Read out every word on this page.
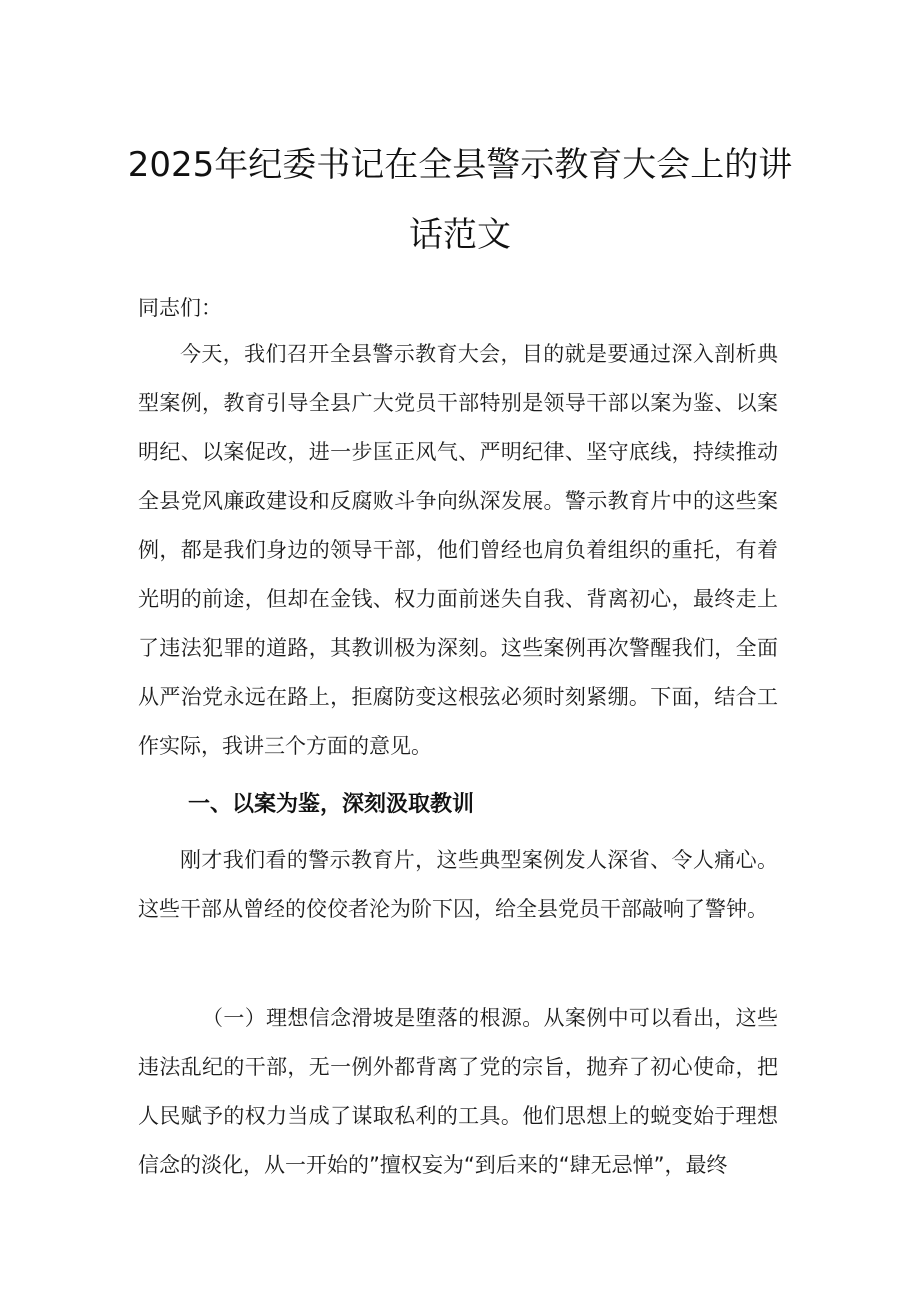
2025年纪委书记在全县警示教育大会上的讲
话范文

同志们：

今天，我们召开全县警示教育大会，目的就是要通过深入剖析典型案例，教育引导全县广大党员干部特别是领导干部以案为鉴、以案明纪、以案促改，进一步匡正风气、严明纪律、坚守底线，持续推动全县党风廉政建设和反腐败斗争向纵深发展。警示教育片中的这些案例，都是我们身边的领导干部，他们曾经也肩负着组织的重托，有着光明的前途，但却在金钱、权力面前迷失自我、背离初心，最终走上了违法犯罪的道路，其教训极为深刻。这些案例再次警醒我们，全面从严治党永远在路上，拒腐防变这根弦必须时刻紧绷。下面，结合工作实际，我讲三个方面的意见。

一、以案为鉴，深刻汲取教训

刚才我们看的警示教育片，这些典型案例发人深省、令人痛心。这些干部从曾经的佼佼者沦为阶下囚，给全县党员干部敲响了警钟。

（一）理想信念滑坡是堕落的根源。从案例中可以看出，这些违法乱纪的干部，无一例外都背离了党的宗旨，抛弃了初心使命，把人民赋予的权力当成了谋取私利的工具。他们思想上的蜕变始于理想信念的淡化，从一开始的”擅权妄为“到后来的“肆无忌惮”，最终
